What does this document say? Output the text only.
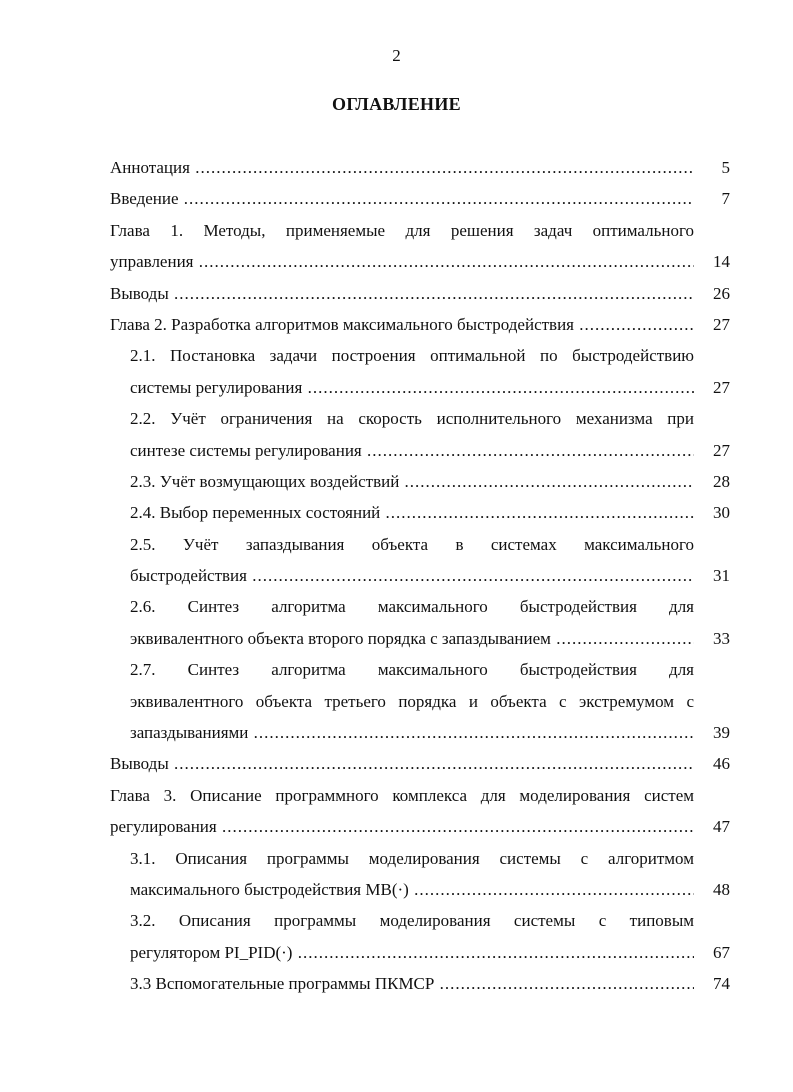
2
ОГЛАВЛЕНИЕ
Аннотация .....	5
Введение .....	7
Глава 1. Методы, применяемые для решения задач оптимального
управления .....	14
Выводы .....	26
Глава 2. Разработка алгоритмов максимального быстродействия .....	27
2.1. Постановка задачи построения оптимальной по быстродействию
системы регулирования .....	27
2.2. Учёт ограничения на скорость исполнительного механизма при
синтезе системы регулирования .....	27
2.3. Учёт возмущающих воздействий .....	28
2.4. Выбор переменных состояний .....	30
2.5. Учёт запаздывания объекта в системах максимального
быстродействия .....	31
2.6. Синтез алгоритма максимального быстродействия для
эквивалентного объекта второго порядка с запаздыванием .....	33
2.7. Синтез алгоритма максимального быстродействия для
эквивалентного объекта третьего порядка и объекта с экстремумом с
запаздываниями .....	39
Выводы .....	46
Глава 3. Описание программного комплекса для моделирования систем
регулирования .....	47
3.1. Описания программы моделирования системы с алгоритмом
максимального быстродействия МВ(·) .....	48
3.2. Описания программы моделирования системы с типовым
регулятором PI_PID(·) .....	67
3.3 Вспомогательные программы ПКМСР .....	74
